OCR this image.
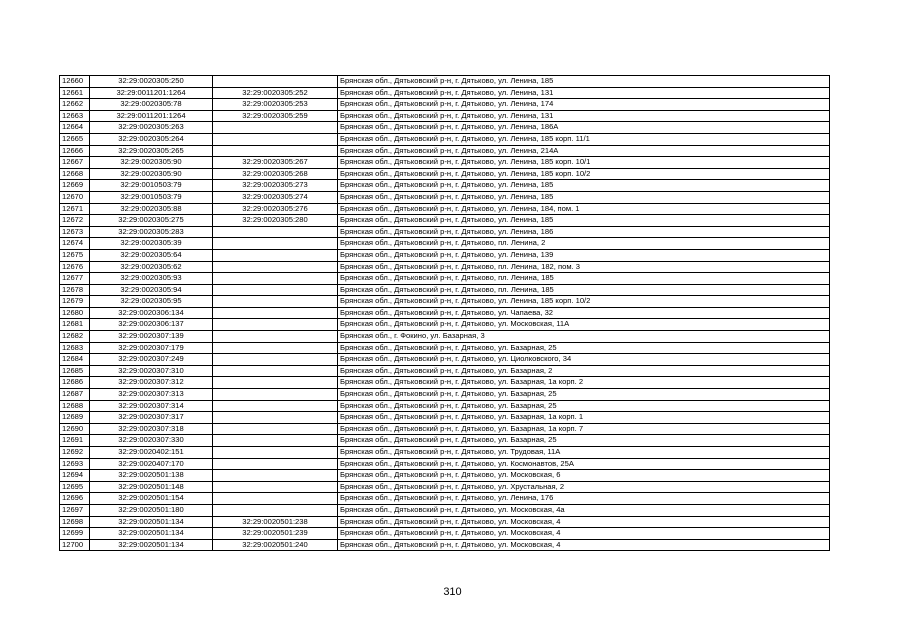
12660	32:29:0020305:250		Брянская обл., Дятьковский р-н, г. Дятьково, ул. Ленина, 185
12661	32:29:0011201:1264	32:29:0020305:252	Брянская обл., Дятьковский р-н, г. Дятьково, ул. Ленина, 131
12662	32:29:0020305:78	32:29:0020305:253	Брянская обл., Дятьковский р-н, г. Дятьково, ул. Ленина, 174
12663	32:29:0011201:1264	32:29:0020305:259	Брянская обл., Дятьковский р-н, г. Дятьково, ул. Ленина, 131
12664	32:29:0020305:263		Брянская обл., Дятьковский р-н, г. Дятьково, ул. Ленина, 186А
12665	32:29:0020305:264		Брянская обл., Дятьковский р-н, г. Дятьково, ул. Ленина, 185 корп. 11/1
12666	32:29:0020305:265		Брянская обл., Дятьковский р-н, г. Дятьково, ул. Ленина, 214А
12667	32:29:0020305:90	32:29:0020305:267	Брянская обл., Дятьковский р-н, г. Дятьково, ул. Ленина, 185 корп. 10/1
12668	32:29:0020305:90	32:29:0020305:268	Брянская обл., Дятьковский р-н, г. Дятьково, ул. Ленина, 185 корп. 10/2
12669	32:29:0010503:79	32:29:0020305:273	Брянская обл., Дятьковский р-н, г. Дятьково, ул. Ленина, 185
12670	32:29:0010503:79	32:29:0020305:274	Брянская обл., Дятьковский р-н, г. Дятьково, ул. Ленина, 185
12671	32:29:0020305:88	32:29:0020305:276	Брянская обл., Дятьковский р-н, г. Дятьково, ул. Ленина, 184, пом. 1
12672	32:29:0020305:275	32:29:0020305:280	Брянская обл., Дятьковский р-н, г. Дятьково, ул. Ленина, 185
12673	32:29:0020305:283		Брянская обл., Дятьковский р-н, г. Дятьково, ул. Ленина, 186
12674	32:29:0020305:39		Брянская обл., Дятьковский р-н, г. Дятьково, пл. Ленина, 2
12675	32:29:0020305:64		Брянская обл., Дятьковский р-н, г. Дятьково, ул. Ленина, 139
12676	32:29:0020305:62		Брянская обл., Дятьковский р-н, г. Дятьково, пл. Ленина, 182, пом. 3
12677	32:29:0020305:93		Брянская обл., Дятьковский р-н, г. Дятьково, пл. Ленина, 185
12678	32:29:0020305:94		Брянская обл., Дятьковский р-н, г. Дятьково, пл. Ленина, 185
12679	32:29:0020305:95		Брянская обл., Дятьковский р-н, г. Дятьково, ул. Ленина, 185 корп. 10/2
12680	32:29:0020306:134		Брянская обл., Дятьковский р-н, г. Дятьково, ул. Чапаева, 32
12681	32:29:0020306:137		Брянская обл., Дятьковский р-н, г. Дятьково, ул. Московская, 11А
12682	32:29:0020307:139		Брянская обл., г. Фокино, ул. Базарная, 3
12683	32:29:0020307:179		Брянская обл., Дятьковский р-н, г. Дятьково, ул. Базарная, 25
12684	32:29:0020307:249		Брянская обл., Дятьковский р-н, г. Дятьково, ул. Циолковского, 34
12685	32:29:0020307:310		Брянская обл., Дятьковский р-н, г. Дятьково, ул. Базарная, 2
12686	32:29:0020307:312		Брянская обл., Дятьковский р-н, г. Дятьково, ул. Базарная, 1а корп. 2
12687	32:29:0020307:313		Брянская обл., Дятьковский р-н, г. Дятьково, ул. Базарная, 25
12688	32:29:0020307:314		Брянская обл., Дятьковский р-н, г. Дятьково, ул. Базарная, 25
12689	32:29:0020307:317		Брянская обл., Дятьковский р-н, г. Дятьково, ул. Базарная, 1а корп. 1
12690	32:29:0020307:318		Брянская обл., Дятьковский р-н, г. Дятьково, ул. Базарная, 1а корп. 7
12691	32:29:0020307:330		Брянская обл., Дятьковский р-н, г. Дятьково, ул. Базарная, 25
12692	32:29:0020402:151		Брянская обл., Дятьковский р-н, г. Дятьково, ул. Трудовая, 11А
12693	32:29:0020407:170		Брянская обл., Дятьковский р-н, г. Дятьково, ул. Космонавтов, 25А
12694	32:29:0020501:138		Брянская обл., Дятьковский р-н, г. Дятьково, ул. Московская, 6
12695	32:29:0020501:148		Брянская обл., Дятьковский р-н, г. Дятьково, ул. Хрустальная, 2
12696	32:29:0020501:154		Брянская обл., Дятьковский р-н, г. Дятьково, ул. Ленина, 176
12697	32:29:0020501:180		Брянская обл., Дятьковский р-н, г. Дятьково, ул. Московская, 4а
12698	32:29:0020501:134	32:29:0020501:238	Брянская обл., Дятьковский р-н, г. Дятьково, ул. Московская, 4
12699	32:29:0020501:134	32:29:0020501:239	Брянская обл., Дятьковский р-н, г. Дятьково, ул. Московская, 4
12700	32:29:0020501:134	32:29:0020501:240	Брянская обл., Дятьковский р-н, г. Дятьково, ул. Московская, 4
310
